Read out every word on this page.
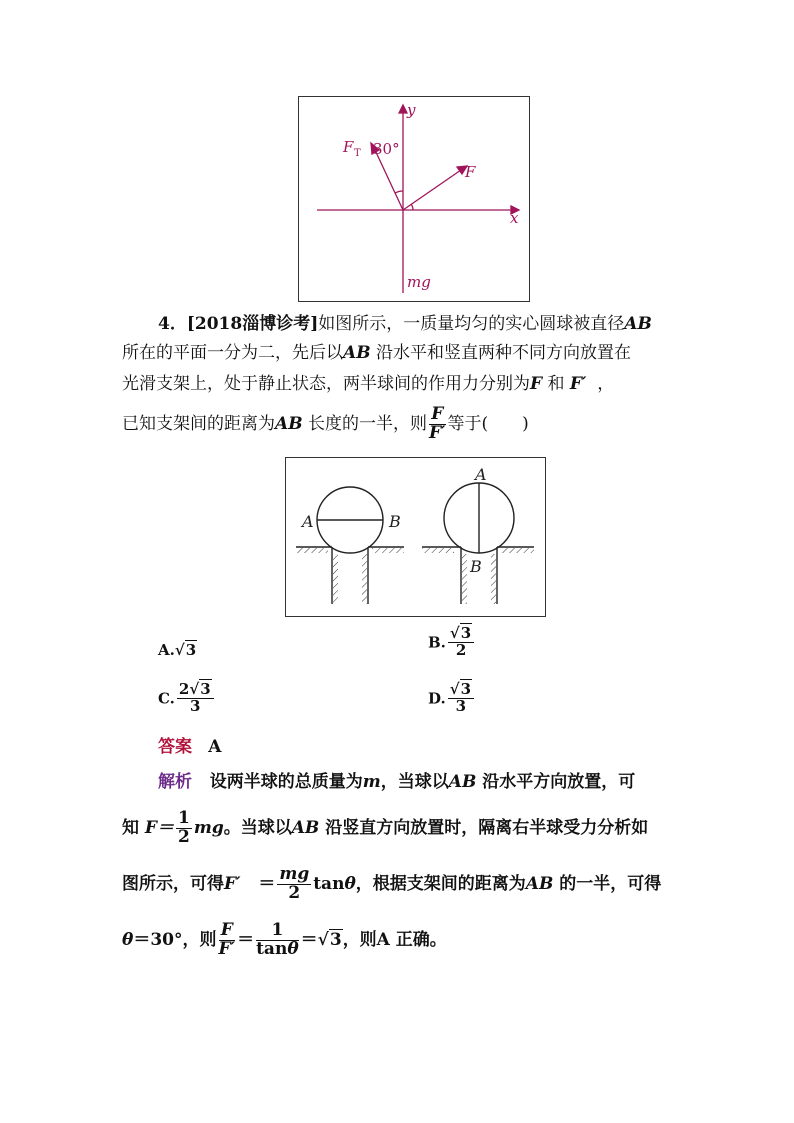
y
x
F T 30°
F
mg
4．[2018淄博诊考]如图所示，一质量均匀的实心圆球被直径AB
所在的平面一分为二，先后以AB 沿水平和竖直两种不同方向放置在
光滑支架上，处于静止状态，两半球间的作用力分别为F 和 F′ ，
已知支架间的距离为AB 长度的一半，则 $\frac{F}{F'}$ 等于(　　)
A	B
A
B
A.√3	B. $\frac{√3}{2}$
C. $\frac{2√3}{3}$	D. $\frac{√3}{3}$
答案 A
解析 设两半球的总质量为m，当球以AB 沿水平方向放置，可
知 $F= \frac{1}{2}$ mg。当球以AB 沿竖直方向放置时，隔离右半球受力分析如
图所示，可得$F' = \frac{mg}{2}$ tanθ，根据支架间的距离为AB 的一半，可得
θ＝30°，则 $\frac{F}{F'} = \frac{1}{\tan\theta} =√3$，则A 正确。
